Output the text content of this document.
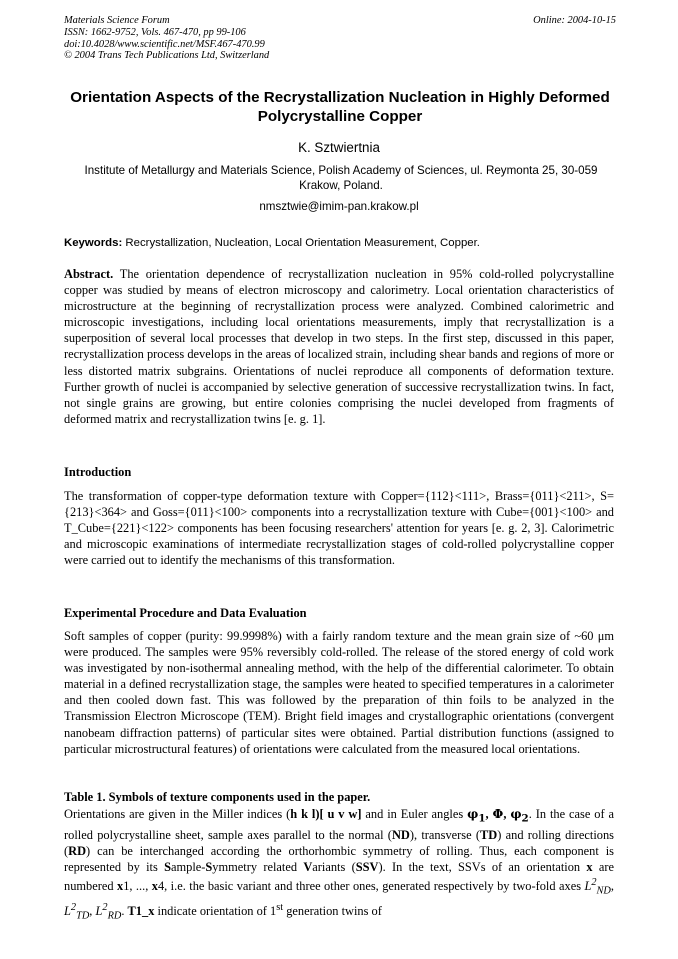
Materials Science Forum
ISSN: 1662-9752, Vols. 467-470, pp 99-106
doi:10.4028/www.scientific.net/MSF.467-470.99
© 2004 Trans Tech Publications Ltd, Switzerland
Online: 2004-10-15
Orientation Aspects of the Recrystallization Nucleation in Highly Deformed Polycrystalline Copper
K. Sztwiertnia
Institute of Metallurgy and Materials Science, Polish Academy of Sciences, ul. Reymonta 25, 30-059 Krakow, Poland.
nmsztwie@imim-pan.krakow.pl
Keywords: Recrystallization, Nucleation, Local Orientation Measurement, Copper.
Abstract. The orientation dependence of recrystallization nucleation in 95% cold-rolled polycrystalline copper was studied by means of electron microscopy and calorimetry. Local orientation characteristics of microstructure at the beginning of recrystallization process were analyzed. Combined calorimetric and microscopic investigations, including local orientations measurements, imply that recrystallization is a superposition of several local processes that develop in two steps. In the first step, discussed in this paper, recrystallization process develops in the areas of localized strain, including shear bands and regions of more or less distorted matrix subgrains. Orientations of nuclei reproduce all components of deformation texture. Further growth of nuclei is accompanied by selective generation of successive recrystallization twins. In fact, not single grains are growing, but entire colonies comprising the nuclei developed from fragments of deformed matrix and recrystallization twins [e. g. 1].
Introduction
The transformation of copper-type deformation texture with Copper={112}<111>, Brass={011}<211>, S={213}<364> and Goss={011}<100> components into a recrystallization texture with Cube={001}<100> and T_Cube={221}<122> components has been focusing researchers' attention for years [e. g. 2, 3]. Calorimetric and microscopic examinations of intermediate recrystallization stages of cold-rolled polycrystalline copper were carried out to identify the mechanisms of this transformation.
Experimental Procedure and Data Evaluation
Soft samples of copper (purity: 99.9998%) with a fairly random texture and the mean grain size of ~60 μm were produced. The samples were 95% reversibly cold-rolled. The release of the stored energy of cold work was investigated by non-isothermal annealing method, with the help of the differential calorimeter. To obtain material in a defined recrystallization stage, the samples were heated to specified temperatures in a calorimeter and then cooled down fast. This was followed by the preparation of thin foils to be analyzed in the Transmission Electron Microscope (TEM). Bright field images and crystallographic orientations (convergent nanobeam diffraction patterns) of particular sites were obtained. Partial distribution functions (assigned to particular microstructural features) of orientations were calculated from the measured local orientations.
Table 1. Symbols of texture components used in the paper.
Orientations are given in the Miller indices (h k l)[ u v w] and in Euler angles $\varphi_1$, Φ, $\varphi_2$. In the case of a rolled polycrystalline sheet, sample axes parallel to the normal (ND), transverse (TD) and rolling directions (RD) can be interchanged according the orthorhombic symmetry of rolling. Thus, each component is represented by its Sample-Symmetry related Variants (SSV). In the text, SSVs of an orientation x are numbered x1, ..., x4, i.e. the basic variant and three other ones, generated respectively by two-fold axes $L^2_{ND}$, $L^2_{TD}$, $L^2_{RD}$. T1_x indicate orientation of 1st generation twins of
